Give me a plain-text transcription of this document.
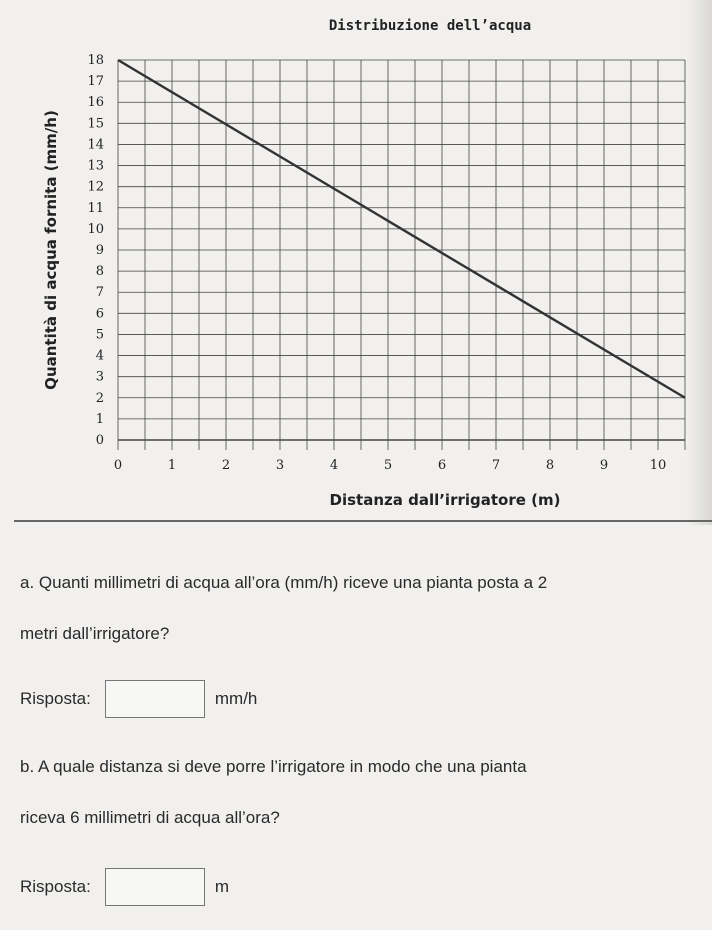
Distribuzione dell’acqua
0
1
2
3
4
5
6
7
8
9
10
11
12
13
14
15
16
17
18
0	1	2	3	4	5	6	7	8	9	10
Quantità di acqua fornita (mm/h)
Distanza dall’irrigatore (m)
a. Quanti millimetri di acqua all’ora (mm/h) riceve una pianta posta a 2
metri dall’irrigatore?
Risposta:	mm/h
b. A quale distanza si deve porre l’irrigatore in modo che una pianta
riceva 6 millimetri di acqua all’ora?
Risposta:	m
